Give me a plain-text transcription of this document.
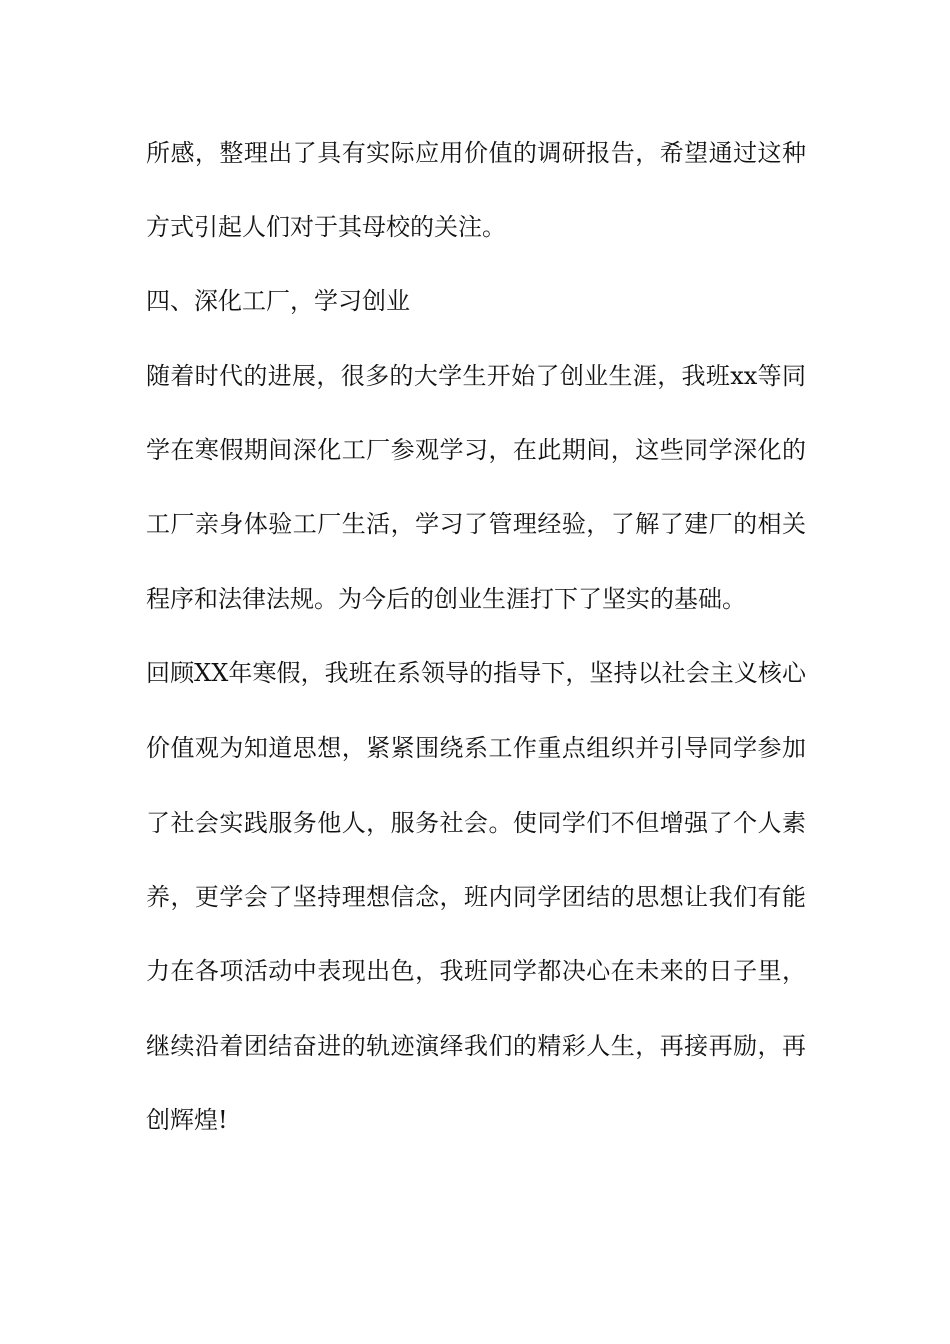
所感，整理出了具有实际应用价值的调研报告，希望通过这种
方式引起人们对于其母校的关注。
四、深化工厂，学习创业
随着时代的进展，很多的大学生开始了创业生涯，我班xx等同
学在寒假期间深化工厂参观学习，在此期间，这些同学深化的
工厂亲身体验工厂生活，学习了管理经验，了解了建厂的相关
程序和法律法规。为今后的创业生涯打下了坚实的基础。
回顾XX年寒假，我班在系领导的指导下，坚持以社会主义核心
价值观为知道思想，紧紧围绕系工作重点组织并引导同学参加
了社会实践服务他人，服务社会。使同学们不但增强了个人素
养，更学会了坚持理想信念，班内同学团结的思想让我们有能
力在各项活动中表现出色，我班同学都决心在未来的日子里，
继续沿着团结奋进的轨迹演绎我们的精彩人生，再接再励，再
创辉煌!
